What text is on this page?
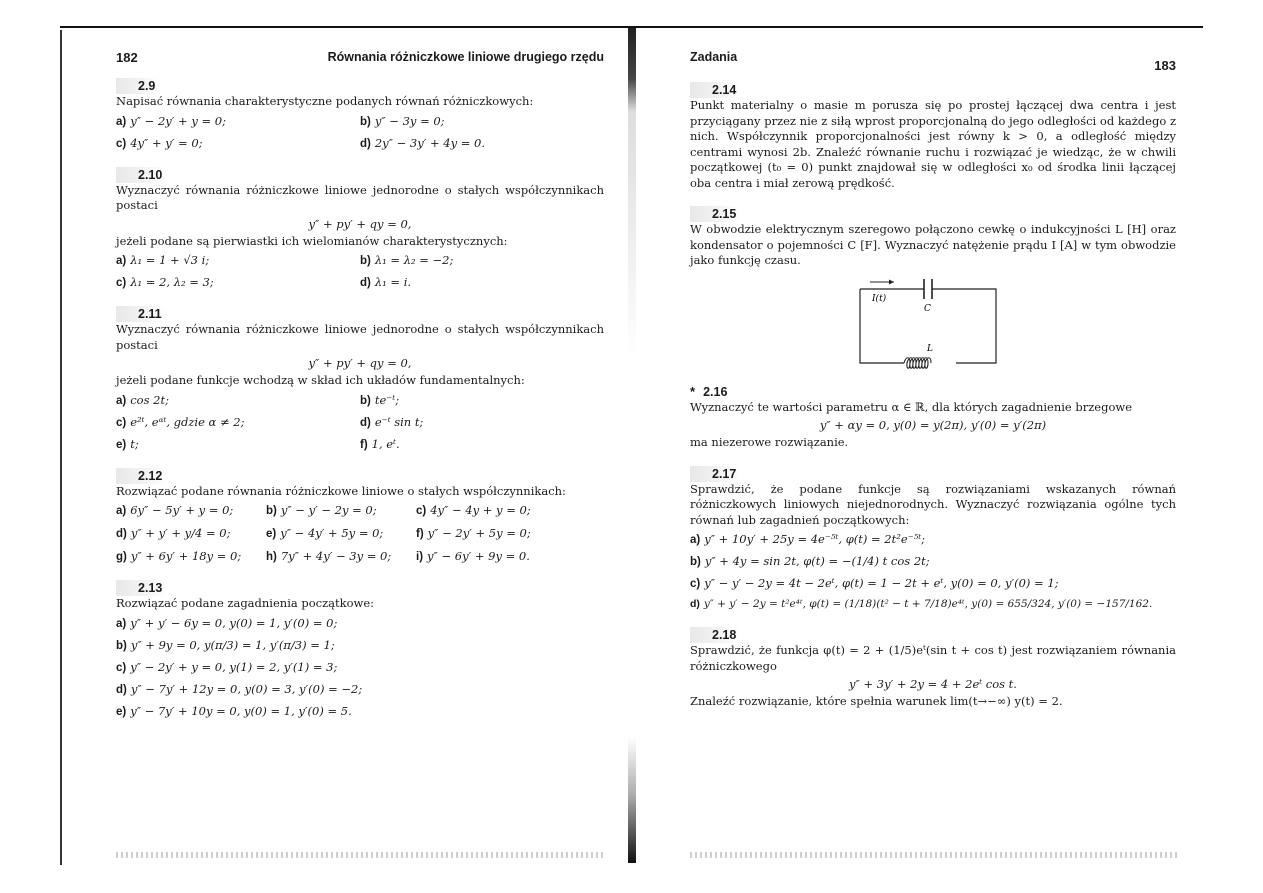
182	Równania różniczkowe liniowe drugiego rzędu
2.9
Napisać równania charakterystyczne podanych równań różniczkowych:
a) y″ − 2y′ + y = 0;	b) y″ − 3y = 0;
c) 4y″ + y′ = 0;	d) 2y″ − 3y′ + 4y = 0.
2.10
Wyznaczyć równania różniczkowe liniowe jednorodne o stałych współczynnikach postaci
y″ + py′ + qy = 0,
jeżeli podane są pierwiastki ich wielomianów charakterystycznych:
a) λ₁ = 1 + √3 i;	b) λ₁ = λ₂ = −2;
c) λ₁ = 2, λ₂ = 3;	d) λ₁ = i.
2.11
Wyznaczyć równania różniczkowe liniowe jednorodne o stałych współczynnikach postaci
y″ + py′ + qy = 0,
jeżeli podane funkcje wchodzą w skład ich układów fundamentalnych:
a) cos 2t;	b) te⁻ᵗ;
c) e²ᵗ, eᵅᵗ, gdzie α ≠ 2;	d) e⁻ᵗ sin t;
e) t;	f) 1, eᵗ.
2.12
Rozwiązać podane równania różniczkowe liniowe o stałych współczynnikach:
a) 6y″ − 5y′ + y = 0;	b) y″ − y′ − 2y = 0;	c) 4y″ − 4y + y = 0;
d) y″ + y′ + y/4 = 0;	e) y″ − 4y′ + 5y = 0;	f) y″ − 2y′ + 5y = 0;
g) y″ + 6y′ + 18y = 0;	h) 7y″ + 4y′ − 3y = 0;	i) y″ − 6y′ + 9y = 0.
2.13
Rozwiązać podane zagadnienia początkowe:
a) y″ + y′ − 6y = 0, y(0) = 1, y′(0) = 0;
b) y″ + 9y = 0, y(π/3) = 1, y′(π/3) = 1;
c) y″ − 2y′ + y = 0, y(1) = 2, y′(1) = 3;
d) y″ − 7y′ + 12y = 0, y(0) = 3, y′(0) = −2;
e) y″ − 7y′ + 10y = 0, y(0) = 1, y′(0) = 5.
Zadania
183
2.14
Punkt materialny o masie m porusza się po prostej łączącej dwa centra i jest przyciągany przez nie z siłą wprost proporcjonalną do jego odległości od każdego z nich. Współczynnik proporcjonalności jest równy k > 0, a odległość między centrami wynosi 2b. Znaleźć równanie ruchu i rozwiązać je wiedząc, że w chwili początkowej (t₀ = 0) punkt znajdował się w odległości x₀ od środka linii łączącej oba centra i miał zerową prędkość.
2.15
W obwodzie elektrycznym szeregowo połączono cewkę o indukcyjności L [H] oraz kondensator o pojemności C [F]. Wyznaczyć natężenie prądu I [A] w tym obwodzie jako funkcję czasu.
I(t)
C
L
* 2.16
Wyznaczyć te wartości parametru α ∈ ℝ, dla których zagadnienie brzegowe
y″ + αy = 0, y(0) = y(2π), y′(0) = y′(2π)
ma niezerowe rozwiązanie.
2.17
Sprawdzić, że podane funkcje są rozwiązaniami wskazanych równań różniczkowych liniowych niejednorodnych. Wyznaczyć rozwiązania ogólne tych równań lub zagadnień początkowych:
a) y″ + 10y′ + 25y = 4e⁻⁵ᵗ, φ(t) = 2t²e⁻⁵ᵗ;
b) y″ + 4y = sin 2t, φ(t) = −(1/4) t cos 2t;
c) y″ − y′ − 2y = 4t − 2eᵗ, φ(t) = 1 − 2t + eᵗ, y(0) = 0, y′(0) = 1;
d) y″ + y′ − 2y = t²e⁴ᵗ, φ(t) = (1/18)(t² − t + 7/18)e⁴ᵗ, y(0) = 655/324, y′(0) = −157/162.
2.18
Sprawdzić, że funkcja φ(t) = 2 + (1/5)eᵗ(sin t + cos t) jest rozwiązaniem równania różniczkowego
y″ + 3y′ + 2y = 4 + 2eᵗ cos t.
Znaleźć rozwiązanie, które spełnia warunek lim(t→−∞) y(t) = 2.
